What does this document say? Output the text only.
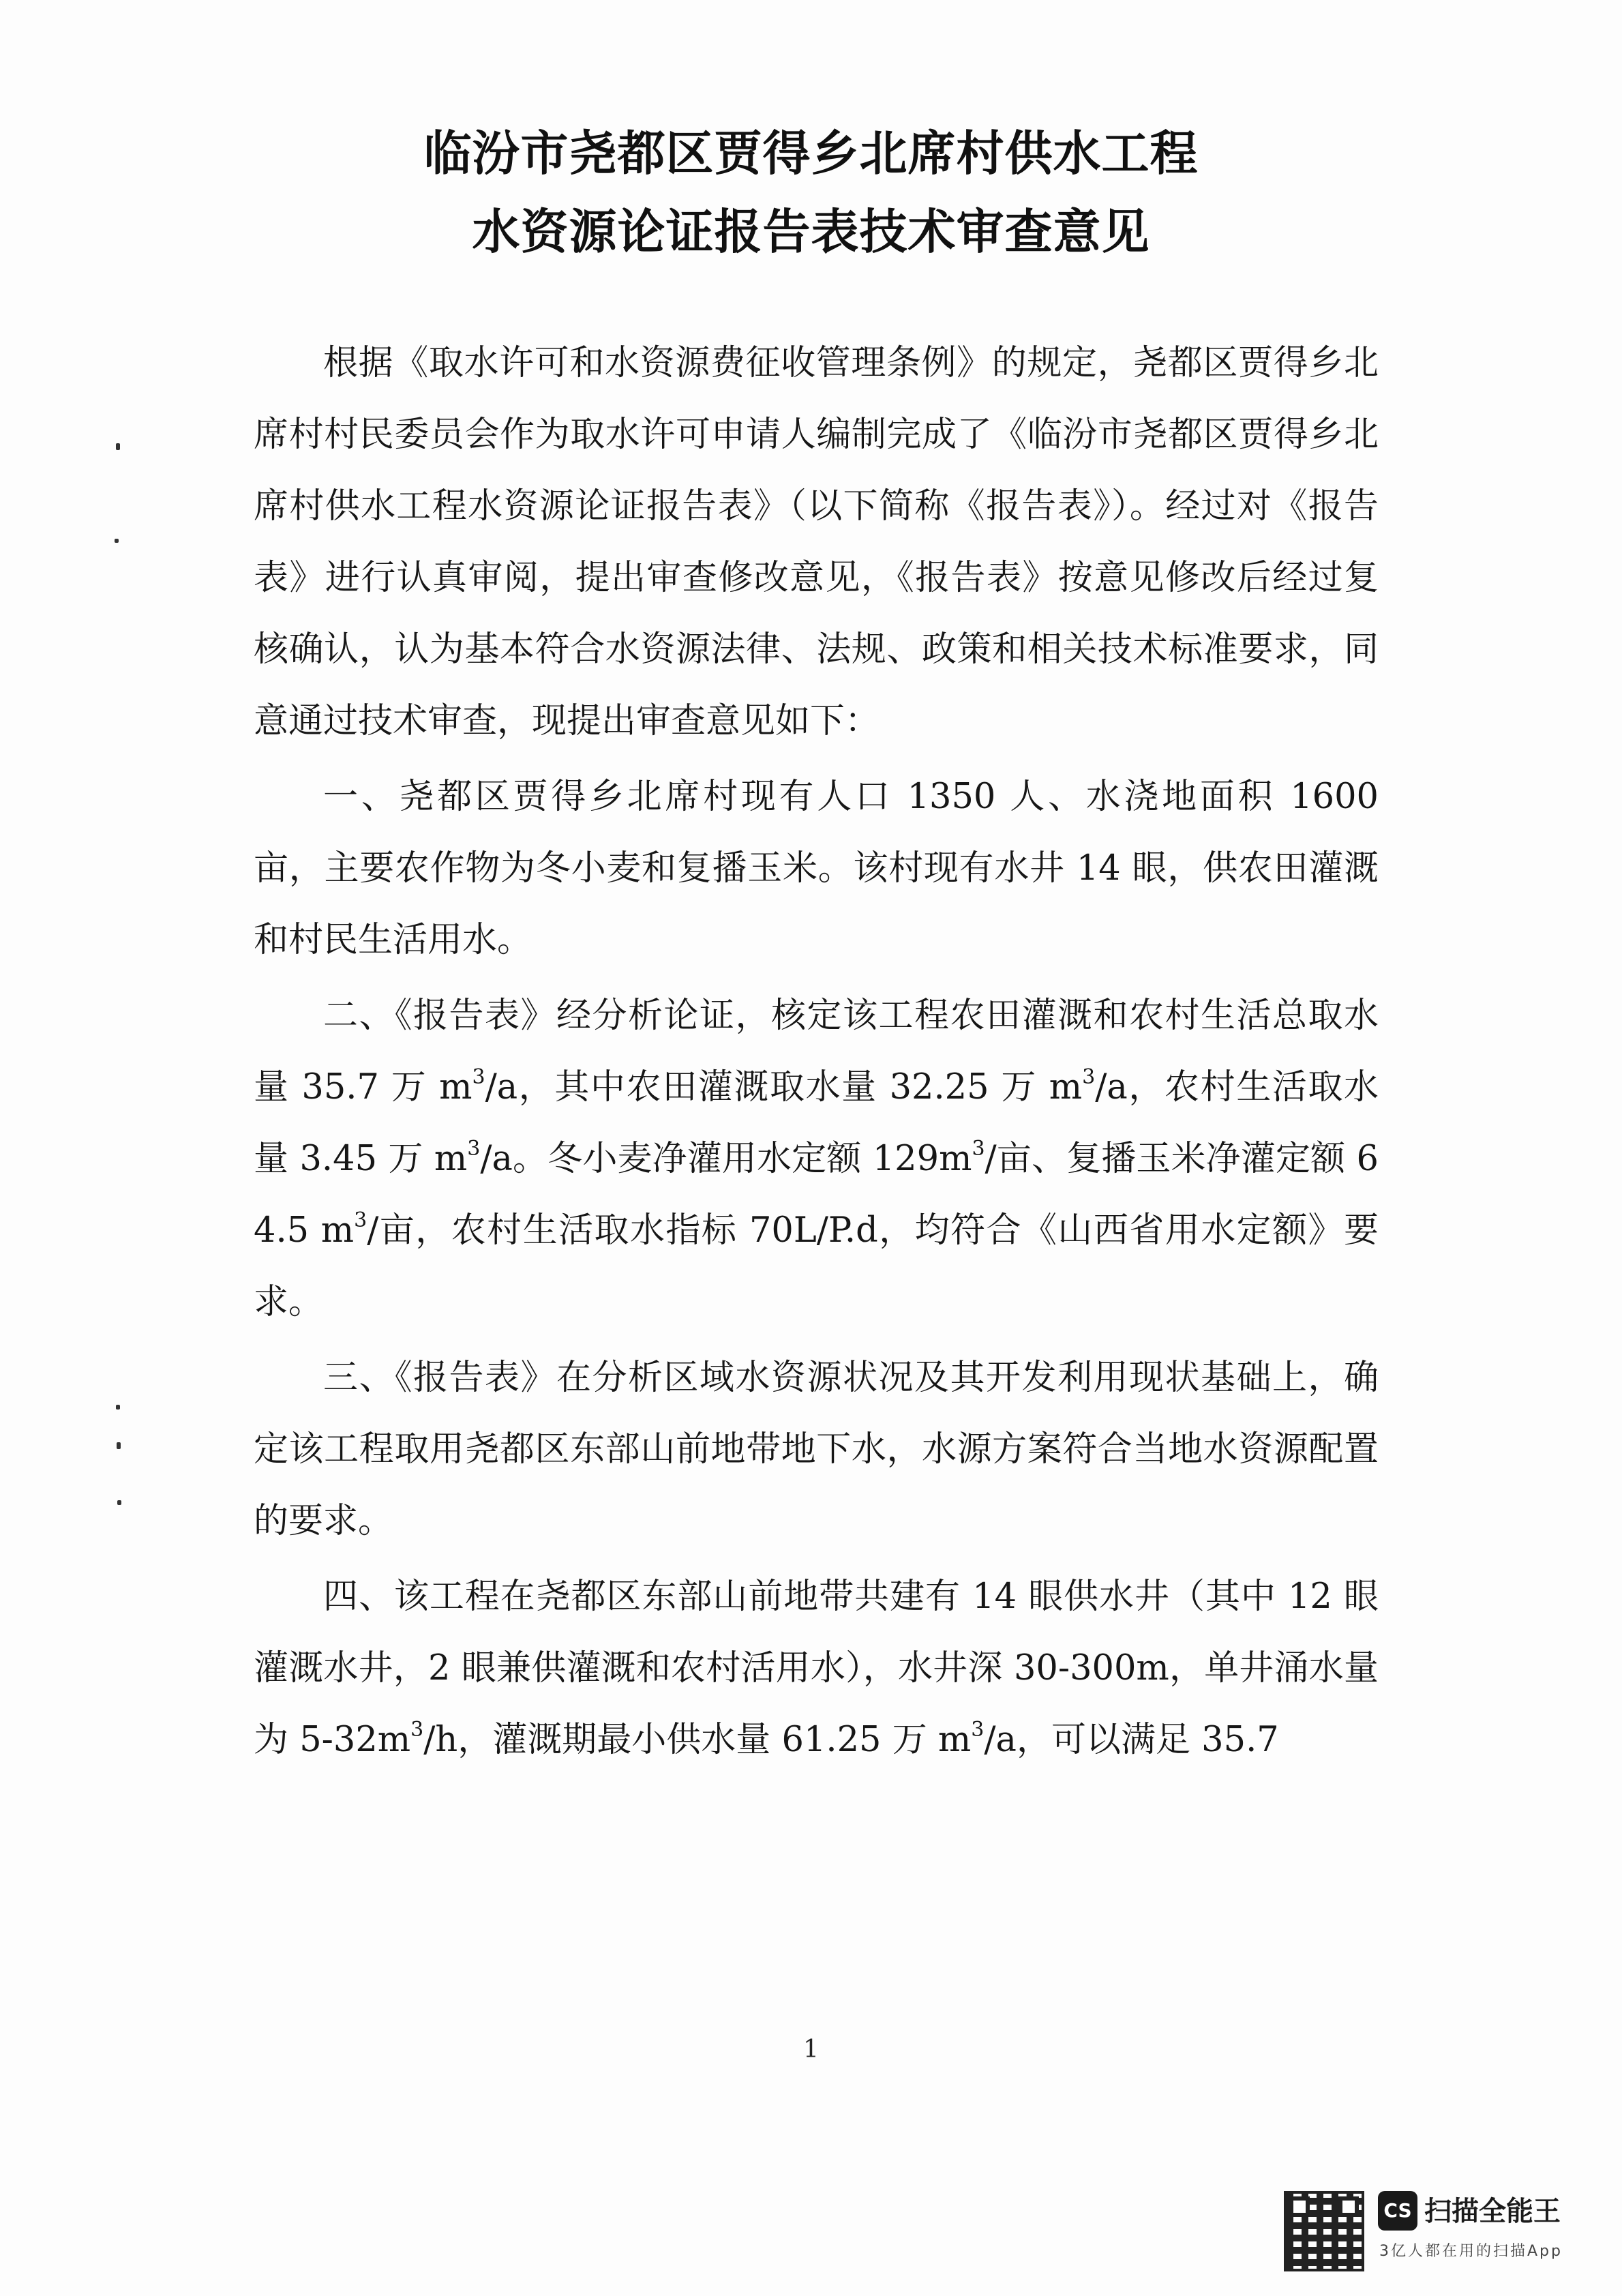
临汾市尧都区贾得乡北席村供水工程
水资源论证报告表技术审查意见

根据《取水许可和水资源费征收管理条例》的规定，尧都区贾得乡北席村村民委员会作为取水许可申请人编制完成了《临汾市尧都区贾得乡北席村供水工程水资源论证报告表》（以下简称《报告表》）。经过对《报告表》进行认真审阅，提出审查修改意见，《报告表》按意见修改后经过复核确认，认为基本符合水资源法律、法规、政策和相关技术标准要求，同意通过技术审查，现提出审查意见如下：

一、尧都区贾得乡北席村现有人口 1350 人、水浇地面积 1600 亩，主要农作物为冬小麦和复播玉米。该村现有水井 14 眼，供农田灌溉和村民生活用水。

二、《报告表》经分析论证，核定该工程农田灌溉和农村生活总取水量 35.7 万 $m^3/a$，其中农田灌溉取水量 32.25 万 $m^3/a$，农村生活取水量 3.45 万 $m^3/a$。冬小麦净灌用水定额 $129m^3/$亩、复播玉米净灌定额 64.5 $m^3/$亩，农村生活取水指标 70L/P.d，均符合《山西省用水定额》要求。

三、《报告表》在分析区域水资源状况及其开发利用现状基础上，确定该工程取用尧都区东部山前地带地下水，水源方案符合当地水资源配置的要求。

四、该工程在尧都区东部山前地带共建有 14 眼供水井（其中 12 眼灌溉水井，2 眼兼供灌溉和农村活用水），水井深 30-300m，单井涌水量为 $5-32m^3/h$，灌溉期最小供水量 61.25 万 $m^3/a$，可以满足 35.7

1
CS 扫描全能王
3亿人都在用的扫描App
